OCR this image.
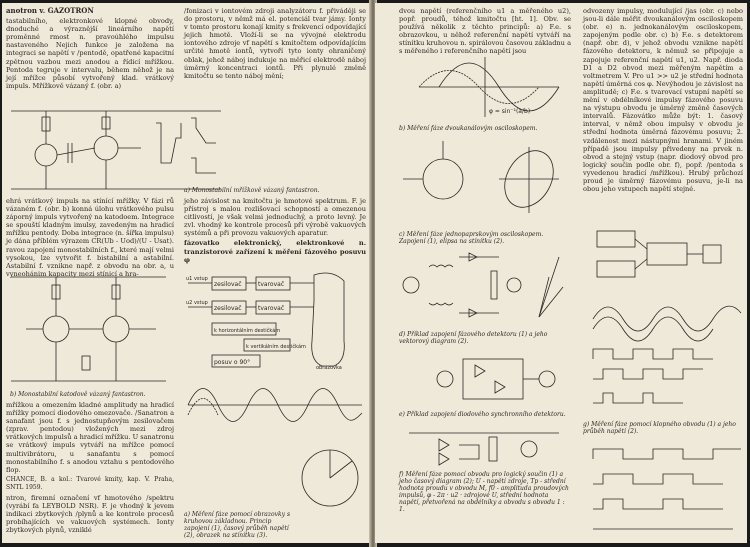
anotron v. GAZOTRON

tastabilního, elektronkové klopné obvody, dnoduché a výraznější lineárního napětí proměnné rmost n. pravoúhlého impulsu nastaveného Nejich funkce je založena na integraci se napětí v /pentodě, opatřené kapacitní zpětnou vazbou mezi anodou a řídicí mřížkou. Pentoda tegruje v intervalu, během něhož je na její mřížce působí vytvořený klad. vrátkový impuls. Mřížkově vázaný f. (obr. a)

/fonizaci v iontovém zdroji analyzátoru f. přiváději se do prostoru, v němž má el. potenciál tvar jámy. Ionty v tomto prostoru konají kmity s frekvencí odpovídající jejich hmotě. Vloží-li se na vývojné elektrodu iontového zdroje vf napětí s kmitočtem odpovídajícím určité hmotě iontů, vytvoří tyto ionty ohraničený oblak, jehož náboj indukuje na měřicí elektrodě náboj úměrný koncentraci iontů. Při plynulé změně kmitočtu se tento náboj mění;

a) Monostabilní mřížkově vázaný fantastron.

ehrá vrátkový impuls na stínící mřížky. V fázi rů vázaném f. (obr. b) konná úlohu vrátkového pulsu záporný impuls vytvořený na katodoem. Integrace se spouští kladným imulsy, zavedeným na hradicí mřížku pentody. Doba integrace (n. šířka impulsu) je dána příblém výrazem CR(Ub - Uod)/(U - Usat). ravou zapojení monostabilních f., které mají velmi vysokou, lze vytvořit f. bistabilní a astabilní. Astabilní f. vznikne např. z obvodu na obr. a, u vyneohánim kapacity mezi stínicí a hra-

jeho závislost na kmitočtu je hmotové spektrum. F. je přístroj s malou rozlišovací schopností a omezenou citlivostí, je však velmi jednoduchý, a proto levný. Je zvl. vhodný ke kontrole procesů při výrobě vakuových systémů a při provozu vakuových aparatur.

fázovatko elektronický, elektronkové n. tranzistorové zařízení k měření fázového posuvu φ

b) Monostabilní katodově vázaný fantastron.
zesilovač	tvarovač
zesilovač	tvarovač
k horizontálním destičkám
k vertikálním destičkám
posuv o 90°
u1 vstup
u2 vstup
obrazovka

mřížkou a omezením kladné amplitudy na hradicí mřížky pomocí diodového omezovače. /Sanatron a sanafant jsou f. s jednostupňovým zesilovačem (zprav. pentodou) vložených mezi zdroj vrátkových impulsů a hradicí mřížku. U sanatronu se vrátkový impuls vytváří na mřížce pomocí multivibrátoru, u sanafantu s pomocí monostabilního f. s anodou vztahu s pentodového flop.

CHANCE, B. a kol.: Tvarové kmity, kap. V. Praha, SNTL 1959.

ntron, firemní označení vf hmotového /spektru (vyrábí fa LEYBOLD NSR). F. je vhodný k jevem indikaci zbytkových /plynů a ke kontrole procesů probíhajících ve vakuových systémech. Ionty zbytkových plynů, vzniklé

a) Měření fáze pomocí obrazovky s kruhovou základnou. Princip zapojení (1), časový průběh napětí (2), obrazek na stínítku (3).

dvou napětí (referenčního u1 a měřeného u2), popř. proudů, téhož kmitočtu [ht. 1]. Obv. se používá několik z těchto principů: a) F.e. s obrazovkou, u něhož referenční napětí vytváří na stínítku kruhovou n. spirálovou časovou základnu a s měřeného i referenčního napětí jsou

odvozeny impulsy, modulující /jas (obr. c) nebo jsou-li dále měřit dvoukanálovým osciloskopem (obr. e) n. jednokanálovým osciloskopem, zapojeným podle obr. c) b) F.e. s detektorem (např. obr. d), v jehož obvodu vznikne napětí fázového detektoru, k němuž se připojuje a zapojuje referenční napětí u1, u2. Např. dioda D1 a D2 obvod mezi měřeným napětím a voltmetrem V. Pro u1 >> u2 je střední hodnota napětí úměrná cos φ. Nevýhodou je závislost na amplitudě; c) F.e. s tvarovací vstupní napětí se mění v obdélníkové impulsy fázového posuvu na výstupu obvodu je úměrný změně časových intervalů. Fázovátko může být: 1. časový interval, v němž obou impulsy v obvodu je střední hodnota úměrná fázovému posuvu; 2. vzdálenost mezi nástupnými hranami. V jiném případě jsou impulsy přivedeny na prvek n. obvod a stejný vstup (napr. diodový obvod pro logický součin podle obr. f), popř. /pentoda s vyvedenou hradicí /mřížkou). Hrubý průchozí proud je úměrný fázovému posuvu, je-li na obou jeho vstupech napětí stejné.

φ = sin⁻¹(a/b)
b) Měření fáze dvoukanálovým osciloskopem.
c) Měření fáze jednopaprskovým osciloskopem. Zapojení (1), elipsa na stínítku (2).
d) Příklad zapojení fázového detektoru (1) a jeho vektorový diagram (2).
e) Příklad zapojení diodového synchronního detektoru.
f) Měření fáze pomocí obvodu pro logický součin (1) a jeho časový diagram (2); U - napětí zdroje, Tp - střední hodnota proudu v obvodu M, f0 - amplituda proudových impulsů, φ - 2π · u2 · zdrojové U, střední hodnota napětí, přetvořená na obdélníky a obvodu s obvodu 1 : 1.
g) Měření fáze pomocí klopného obvodu (1) a jeho průběh napětí (2).
